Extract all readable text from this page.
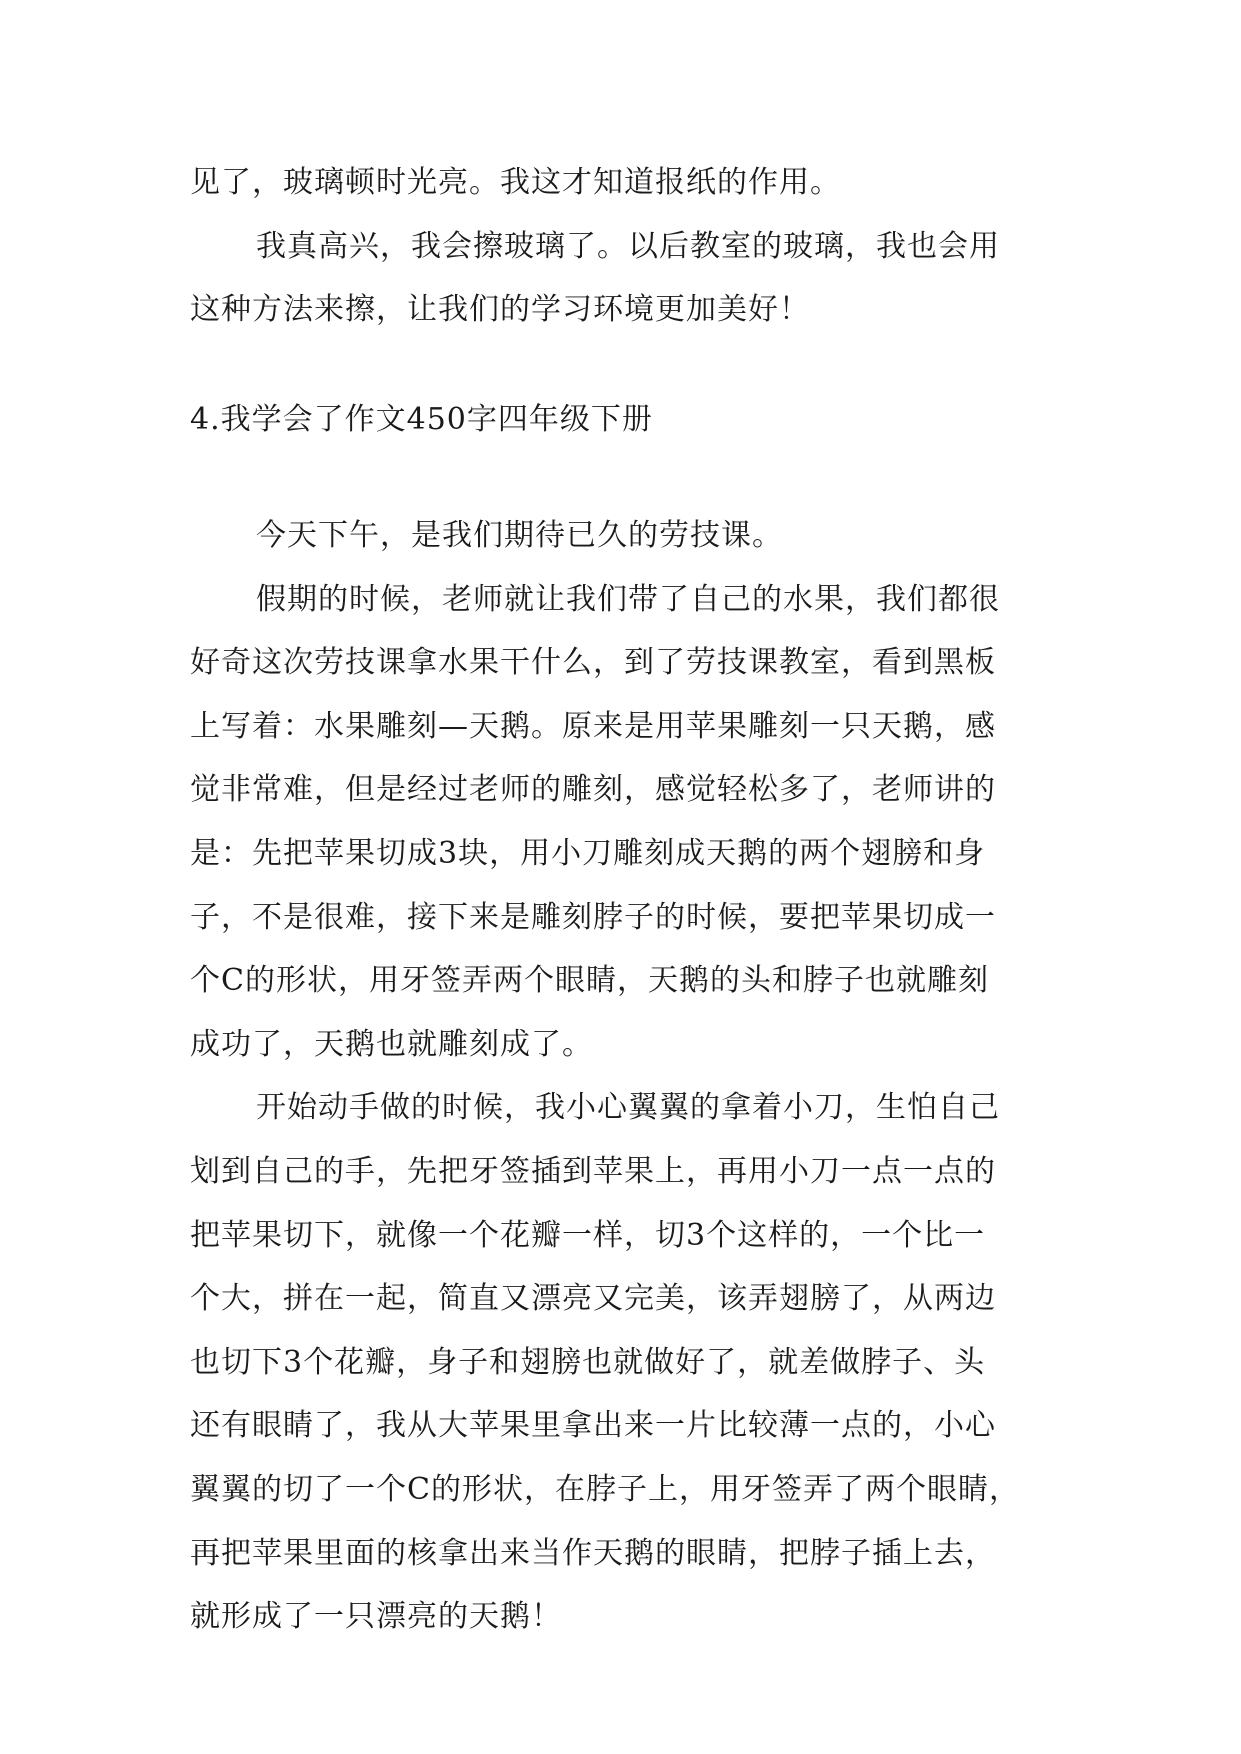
见了，玻璃顿时光亮。我这才知道报纸的作用。
我真高兴，我会擦玻璃了。以后教室的玻璃，我也会用
这种方法来擦，让我们的学习环境更加美好！
4.我学会了作文450字四年级下册
今天下午，是我们期待已久的劳技课。
假期的时候，老师就让我们带了自己的水果，我们都很
好奇这次劳技课拿水果干什么，到了劳技课教室，看到黑板
上写着：水果雕刻—天鹅。原来是用苹果雕刻一只天鹅，感
觉非常难，但是经过老师的雕刻，感觉轻松多了，老师讲的
是：先把苹果切成3块，用小刀雕刻成天鹅的两个翅膀和身
子，不是很难，接下来是雕刻脖子的时候，要把苹果切成一
个C的形状，用牙签弄两个眼睛，天鹅的头和脖子也就雕刻
成功了，天鹅也就雕刻成了。
开始动手做的时候，我小心翼翼的拿着小刀，生怕自己
划到自己的手，先把牙签插到苹果上，再用小刀一点一点的
把苹果切下，就像一个花瓣一样，切3个这样的，一个比一
个大，拼在一起，简直又漂亮又完美，该弄翅膀了，从两边
也切下3个花瓣，身子和翅膀也就做好了，就差做脖子、头
还有眼睛了，我从大苹果里拿出来一片比较薄一点的，小心
翼翼的切了一个C的形状，在脖子上，用牙签弄了两个眼睛，
再把苹果里面的核拿出来当作天鹅的眼睛，把脖子插上去，
就形成了一只漂亮的天鹅！
